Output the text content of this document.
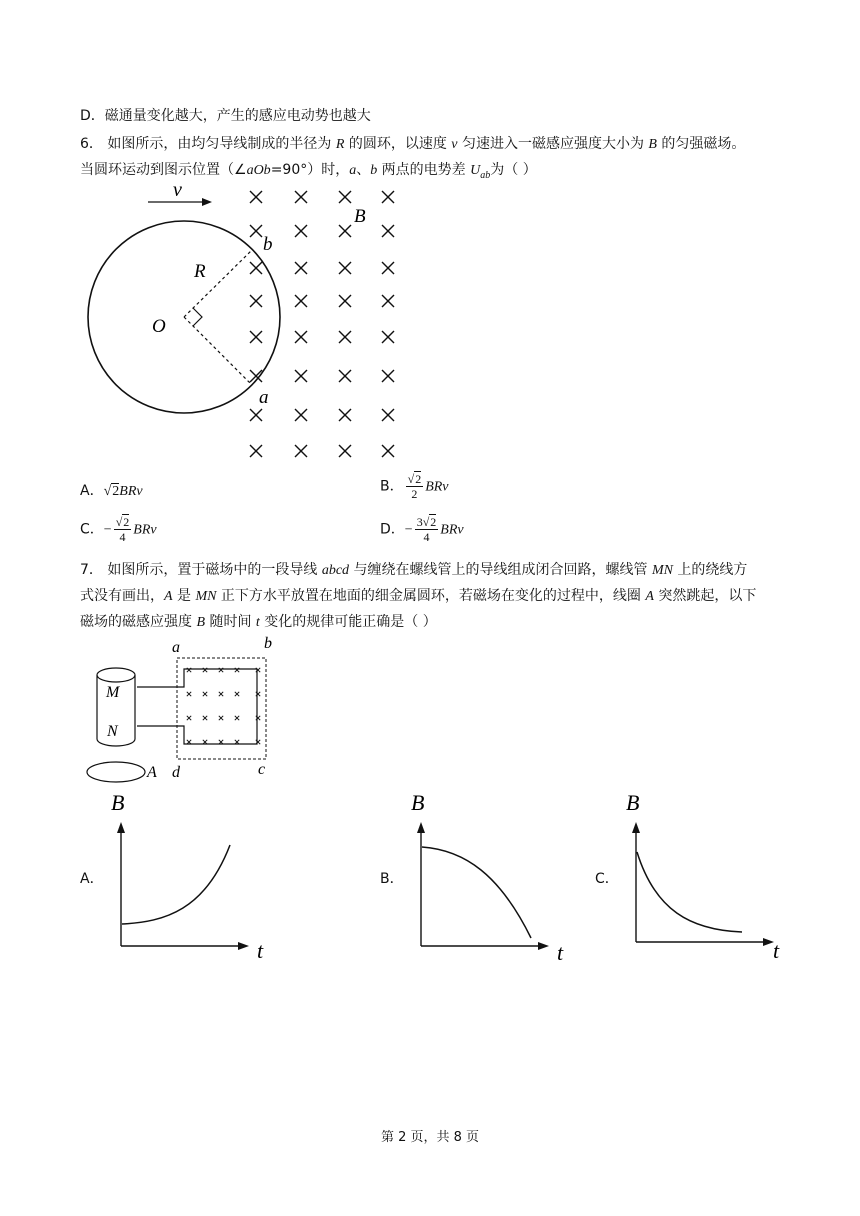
D．磁通量变化越大，产生的感应电动势也越大
6． 如图所示，由均匀导线制成的半径为 R 的圆环，以速度 v 匀速进入一磁感应强度大小为 B 的匀强磁场。
当圆环运动到图示位置（∠aOb=90°）时，a、b 两点的电势差 $U_{ab}$为（ ）
v
R
O
B
b
a
A．√2BRv	B． $\frac{√2}{2}$ BRv
C．− $\frac{√2}{4}$ BRv	D．− $\frac{3√2}{4}$ BRv
7． 如图所示，置于磁场中的一段导线 abcd 与缠绕在螺线管上的导线组成闭合回路，螺线管 MN 上的绕线方
式没有画出，A 是 MN 正下方水平放置在地面的细金属圆环，若磁场在变化的过程中，线圈 A 突然跳起，以下
磁场的磁感应强度 B 随时间 t 变化的规律可能正确是（ ）
M
N
A
a	b
d	c
A．
B
t
B．
B
t
C．
B
t
第 2 页，共 8 页
